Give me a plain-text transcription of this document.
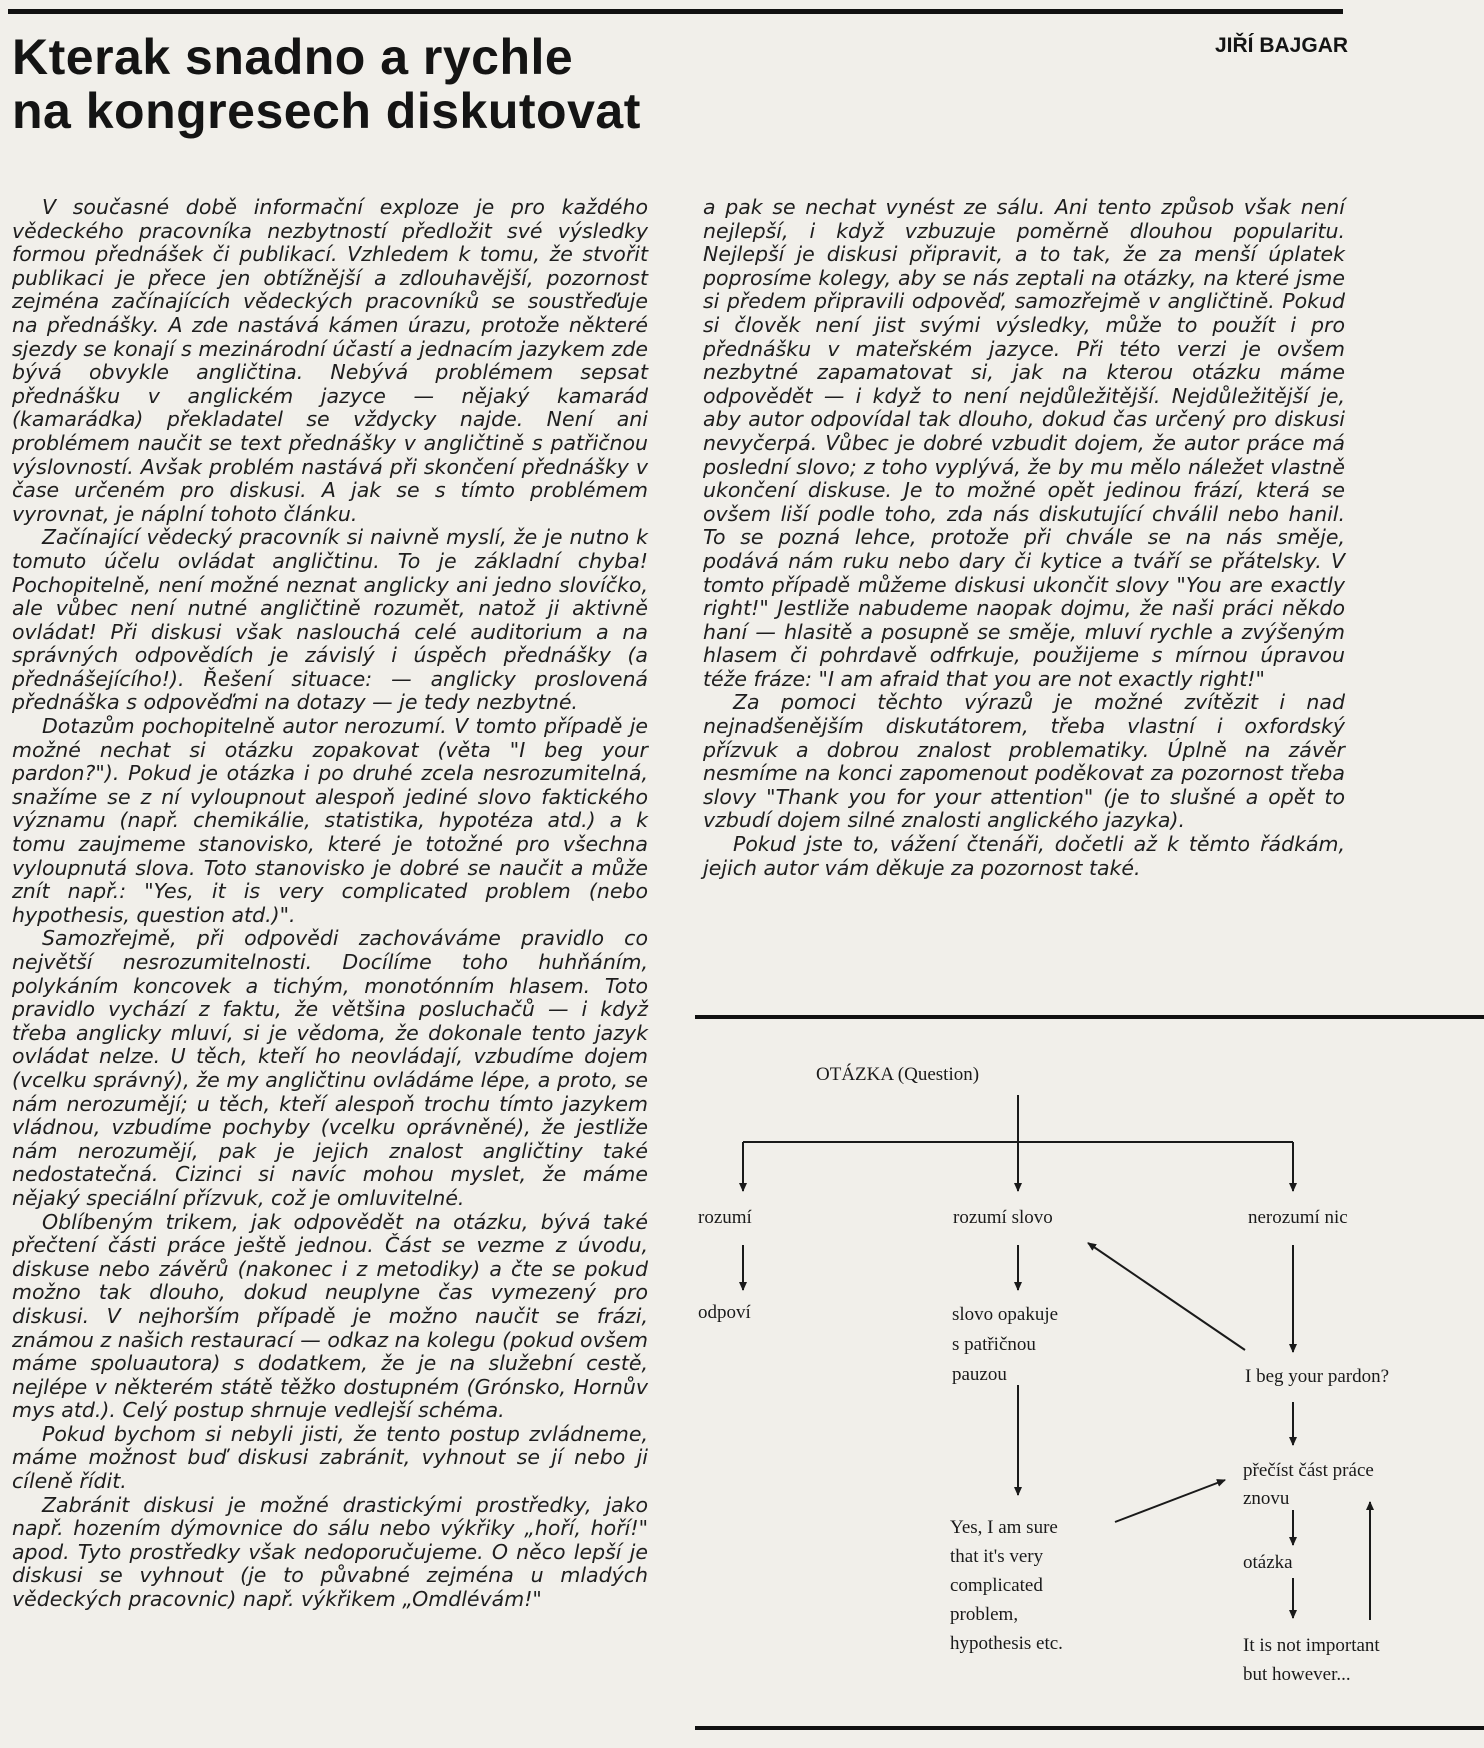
Kterak snadno a rychle
na kongresech diskutovat
JIŘÍ BAJGAR

V současné době informační exploze je pro každého vědeckého pracovníka nezbytností předložit své výsledky formou přednášek či publikací. Vzhledem k tomu, že stvořit publikaci je přece jen obtížnější a zdlouhavější, pozornost zejména začínajících vědeckých pracovníků se soustřeďuje na přednášky. A zde nastává kámen úrazu, protože některé sjezdy se konají s mezinárodní účastí a jednacím jazykem zde bývá obvykle angličtina. Nebývá problémem sepsat přednášku v anglickém jazyce — nějaký kamarád (kamarádka) překladatel se vždycky najde. Není ani problémem naučit se text přednášky v angličtině s patřičnou výslovností. Avšak problém nastává při skončení přednášky v čase určeném pro diskusi. A jak se s tímto problémem vyrovnat, je náplní tohoto článku.

Začínající vědecký pracovník si naivně myslí, že je nutno k tomuto účelu ovládat angličtinu. To je základní chyba! Pochopitelně, není možné neznat anglicky ani jedno slovíčko, ale vůbec není nutné angličtině rozumět, natož ji aktivně ovládat! Při diskusi však naslouchá celé auditorium a na správných odpovědích je závislý i úspěch přednášky (a přednášejícího!). Řešení situace: — anglicky proslovená přednáška s odpověďmi na dotazy — je tedy nezbytné.

Dotazům pochopitelně autor nerozumí. V tomto případě je možné nechat si otázku zopakovat (věta "I beg your pardon?"). Pokud je otázka i po druhé zcela nesrozumitelná, snažíme se z ní vyloupnout alespoň jediné slovo faktického významu (např. chemikálie, statistika, hypotéza atd.) a k tomu zaujmeme stanovisko, které je totožné pro všechna vyloupnutá slova. Toto stanovisko je dobré se naučit a může znít např.: "Yes, it is very complicated problem (nebo hypothesis, question atd.)".

Samozřejmě, při odpovědi zachováváme pravidlo co největší nesrozumitelnosti. Docílíme toho huhňáním, polykáním koncovek a tichým, monotónním hlasem. Toto pravidlo vychází z faktu, že většina posluchačů — i když třeba anglicky mluví, si je vědoma, že dokonale tento jazyk ovládat nelze. U těch, kteří ho neovládají, vzbudíme dojem (vcelku správný), že my angličtinu ovládáme lépe, a proto, se nám nerozumějí; u těch, kteří alespoň trochu tímto jazykem vládnou, vzbudíme pochyby (vcelku oprávněné), že jestliže nám nerozumějí, pak je jejich znalost angličtiny také nedostatečná. Cizinci si navíc mohou myslet, že máme nějaký speciální přízvuk, což je omluvitelné.

Oblíbeným trikem, jak odpovědět na otázku, bývá také přečtení části práce ještě jednou. Část se vezme z úvodu, diskuse nebo závěrů (nakonec i z metodiky) a čte se pokud možno tak dlouho, dokud neuplyne čas vymezený pro diskusi. V nejhorším případě je možno naučit se frázi, známou z našich restaurací — odkaz na kolegu (pokud ovšem máme spoluautora) s dodatkem, že je na služební cestě, nejlépe v některém státě těžko dostupném (Grónsko, Hornův mys atd.). Celý postup shrnuje vedlejší schéma.

Pokud bychom si nebyli jisti, že tento postup zvládneme, máme možnost buď diskusi zabránit, vyhnout se jí nebo ji cíleně řídit.

Zabránit diskusi je možné drastickými prostředky, jako např. hozením dýmovnice do sálu nebo výkřiky „hoří, hoří!" apod. Tyto prostředky však nedoporučujeme. O něco lepší je diskusi se vyhnout (je to půvabné zejména u mladých vědeckých pracovnic) např. výkřikem „Omdlévám!"

a pak se nechat vynést ze sálu. Ani tento způsob však není nejlepší, i když vzbuzuje poměrně dlouhou popularitu. Nejlepší je diskusi připravit, a to tak, že za menší úplatek poprosíme kolegy, aby se nás zeptali na otázky, na které jsme si předem připravili odpověď, samozřejmě v angličtině. Pokud si člověk není jist svými výsledky, může to použít i pro přednášku v mateřském jazyce. Při této verzi je ovšem nezbytné zapamatovat si, jak na kterou otázku máme odpovědět — i když to není nejdůležitější. Nejdůležitější je, aby autor odpovídal tak dlouho, dokud čas určený pro diskusi nevyčerpá. Vůbec je dobré vzbudit dojem, že autor práce má poslední slovo; z toho vyplývá, že by mu mělo náležet vlastně ukončení diskuse. Je to možné opět jedinou frází, která se ovšem liší podle toho, zda nás diskutující chválil nebo hanil. To se pozná lehce, protože při chvále se na nás směje, podává nám ruku nebo dary či kytice a tváří se přátelsky. V tomto případě můžeme diskusi ukončit slovy "You are exactly right!" Jestliže nabudeme naopak dojmu, že naši práci někdo haní — hlasitě a posupně se směje, mluví rychle a zvýšeným hlasem či pohrdavě odfrkuje, použijeme s mírnou úpravou téže fráze: "I am afraid that you are not exactly right!"

Za pomoci těchto výrazů je možné zvítězit i nad nejnadšenějším diskutátorem, třeba vlastní i oxfordský přízvuk a dobrou znalost problematiky. Úplně na závěr nesmíme na konci zapomenout poděkovat za pozornost třeba slovy "Thank you for your attention" (je to slušné a opět to vzbudí dojem silné znalosti anglického jazyka).

Pokud jste to, vážení čtenáři, dočetli až k těmto řádkám, jejich autor vám děkuje za pozornost také.

OTÁZKA (Question)
rozumí	rozumí slovo	nerozumí nic
odpoví	slovo opakuje s patřičnou pauzou	I beg your pardon?
Yes, I am sure that it's very complicated problem, hypothesis etc.
přečíst část práce znovu
otázka
It is not important but however...
